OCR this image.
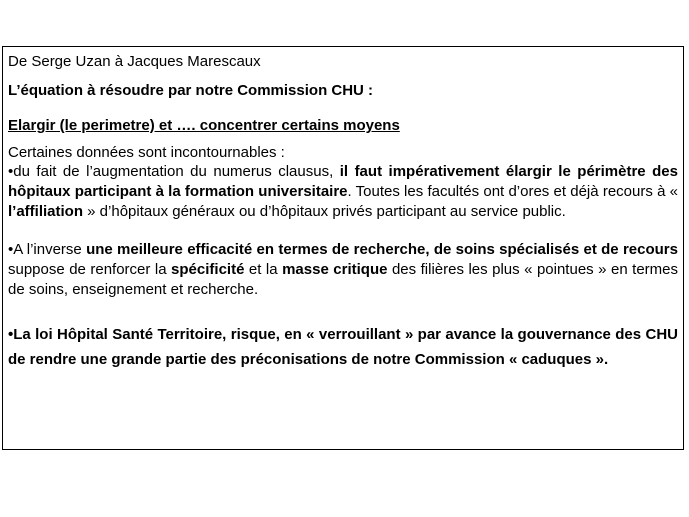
De Serge Uzan à Jacques Marescaux

L’équation à résoudre par notre Commission CHU :

Elargir (le perimetre) et …. concentrer certains moyens

Certaines données sont incontournables :

•du fait de l’augmentation du numerus clausus, il faut impérativement élargir le périmètre des hôpitaux participant à la formation universitaire. Toutes les facultés ont d’ores et déjà recours à « l’affiliation » d’hôpitaux généraux ou d’hôpitaux privés participant au service public.

•A l’inverse une meilleure efficacité en termes de recherche, de soins spécialisés et de recours suppose de renforcer la spécificité et la masse critique des filières les plus « pointues » en termes de soins, enseignement et recherche.

•La loi Hôpital Santé Territoire, risque, en « verrouillant » par avance la gouvernance des CHU de rendre une grande partie des préconisations de notre Commission « caduques ».
